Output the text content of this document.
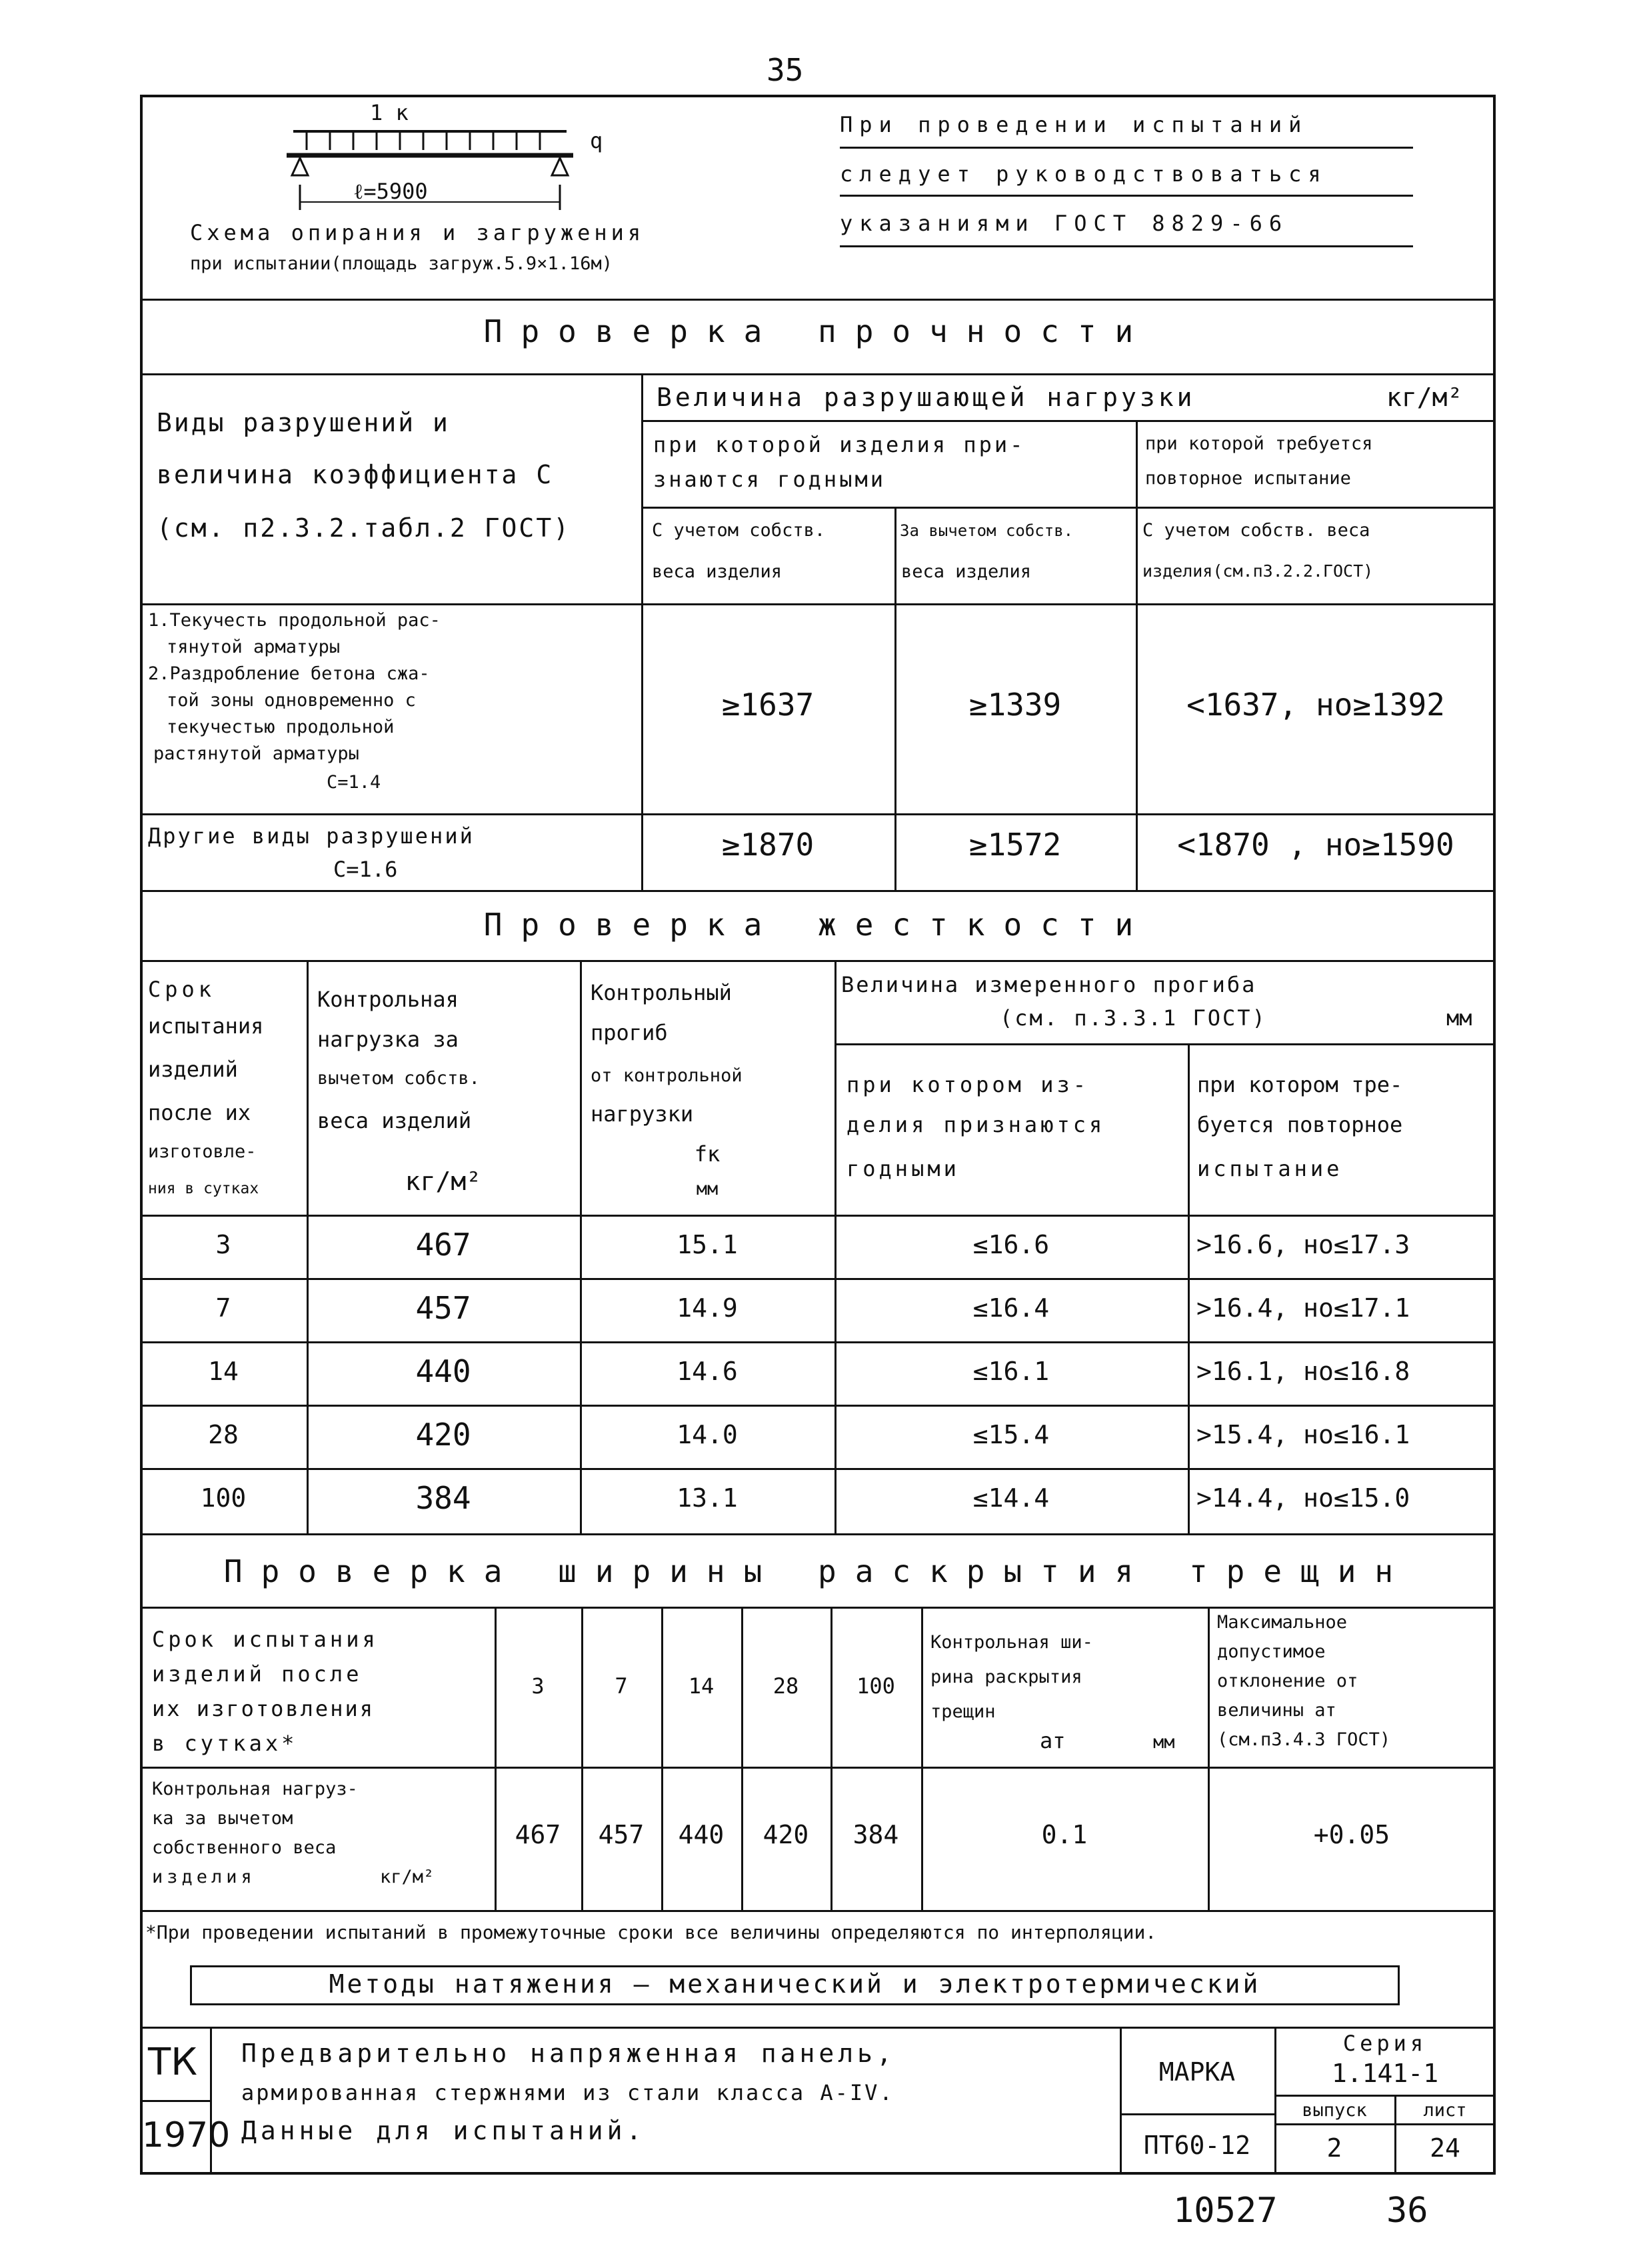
35
1 к
q
ℓ=5900
Схема опирания и загружения
при испытании(площадь загруж.5.9×1.16м)
При проведении испытаний
следует руководствоваться
указаниями ГОСТ 8829-66
Проверка прочности
Виды разрушений и
величина коэффициента С
(см. п2.3.2.табл.2 ГОСТ)
Величина разрушающей нагрузки	кг/м²
при которой изделия при-
знаются годными
при которой требуется
повторное испытание
С учетом собств.
веса изделия
За вычетом собств.
веса изделия
С учетом собств. веса
изделия(см.п3.2.2.ГОСТ)
1.Текучесть продольной рас-
тянутой арматуры
2.Раздробление бетона сжа-
той зоны одновременно с
текучестью продольной
растянутой арматуры
С=1.4
≥1637	≥1339	<1637, но≥1392
Другие виды разрушений
С=1.6
≥1870	≥1572	<1870 , но≥1590
Проверка жесткости
Срок
испытания
изделий
после их
изготовле-
ния в сутках
Контрольная
нагрузка за
вычетом собств.
веса изделий
кг/м²
Контрольный
прогиб
от контрольной
нагрузки
fк
мм
Величина измеренного прогиба
(см. п.3.3.1 ГОСТ)	мм
при котором из-
делия признаются
годными
при котором тре-
буется повторное
испытание
3	467	15.1	≤16.6	>16.6, но≤17.3
7	457	14.9	≤16.4	>16.4, но≤17.1
14	440	14.6	≤16.1	>16.1, но≤16.8
28	420	14.0	≤15.4	>15.4, но≤16.1
100	384	13.1	≤14.4	>14.4, но≤15.0
Проверка ширины раскрытия трещин
Срок испытания
изделий после
их изготовления
в сутках*
3	7	14	28	100
Контрольная ши-
рина раскрытия
трещин
ат	мм
Максимальное
допустимое
отклонение от
величины ат
(см.п3.4.3 ГОСТ)
Контрольная нагруз-
ка за вычетом
собственного веса
изделия	кг/м²
467	457	440	420	384	0.1	+0.05
*При проведении испытаний в промежуточные сроки все величины определяются по интерполяции.
Методы натяжения — механический и электротермический
ТК
1970
Предварительно напряженная панель,
армированная стержнями из стали класса А-IV.
Данные для испытаний.
МАРКА
ПТ60-12
Серия
1.141-1
выпуск
2
лист
24
10527	36
